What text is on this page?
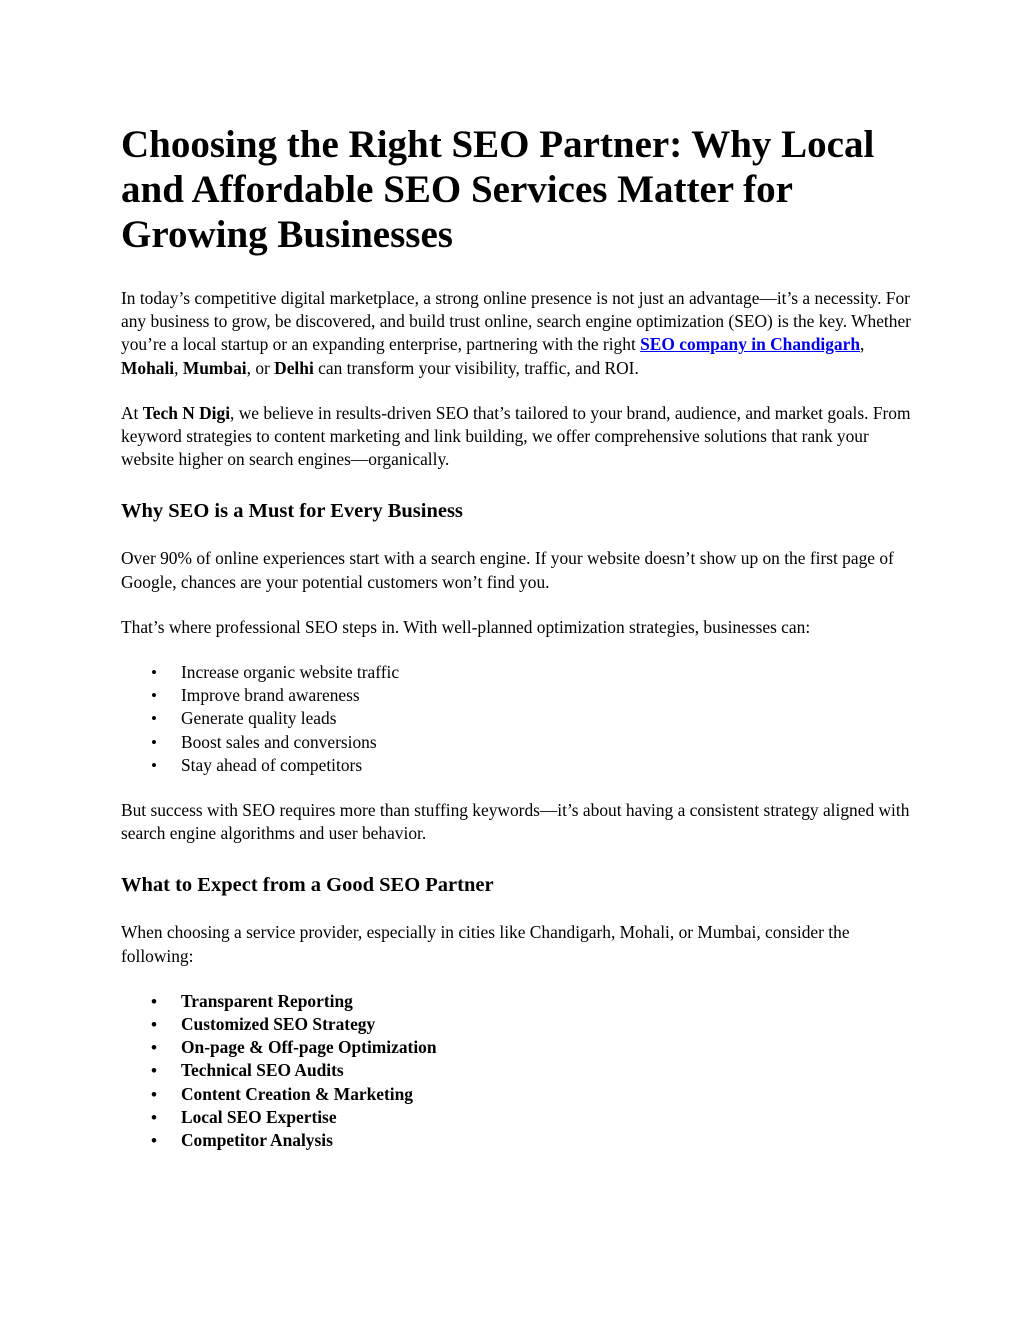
Choosing the Right SEO Partner: Why Local and Affordable SEO Services Matter for Growing Businesses

In today’s competitive digital marketplace, a strong online presence is not just an advantage—it’s a necessity. For any business to grow, be discovered, and build trust online, search engine optimization (SEO) is the key. Whether you’re a local startup or an expanding enterprise, partnering with the right SEO company in Chandigarh, Mohali, Mumbai, or Delhi can transform your visibility, traffic, and ROI.

At Tech N Digi, we believe in results-driven SEO that’s tailored to your brand, audience, and market goals. From keyword strategies to content marketing and link building, we offer comprehensive solutions that rank your website higher on search engines—organically.

Why SEO is a Must for Every Business

Over 90% of online experiences start with a search engine. If your website doesn’t show up on the first page of Google, chances are your potential customers won’t find you.

That’s where professional SEO steps in. With well-planned optimization strategies, businesses can:

• Increase organic website traffic
• Improve brand awareness
• Generate quality leads
• Boost sales and conversions
• Stay ahead of competitors

But success with SEO requires more than stuffing keywords—it’s about having a consistent strategy aligned with search engine algorithms and user behavior.

What to Expect from a Good SEO Partner

When choosing a service provider, especially in cities like Chandigarh, Mohali, or Mumbai, consider the following:

• Transparent Reporting
• Customized SEO Strategy
• On-page & Off-page Optimization
• Technical SEO Audits
• Content Creation & Marketing
• Local SEO Expertise
• Competitor Analysis
